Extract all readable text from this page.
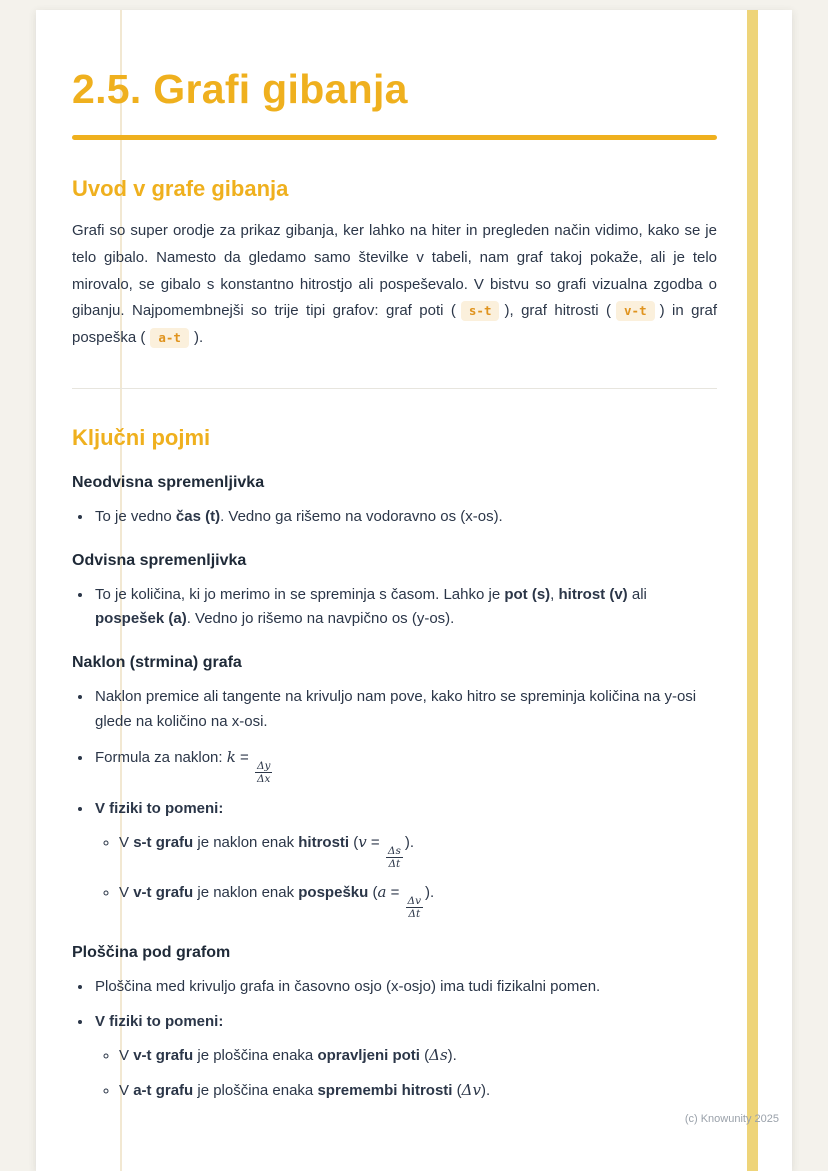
2.5. Grafi gibanja
Uvod v grafe gibanja

Grafi so super orodje za prikaz gibanja, ker lahko na hiter in pregleden način vidimo, kako se je telo gibalo. Namesto da gledamo samo številke v tabeli, nam graf takoj pokaže, ali je telo mirovalo, se gibalo s konstantno hitrostjo ali pospeševalo. V bistvu so grafi vizualna zgodba o gibanju. Najpomembnejši so trije tipi grafov: graf poti ( s-t ), graf hitrosti ( v-t ) in graf pospeška ( a-t ).

Ključni pojmi
Neodvisna spremenljivka
• To je vedno čas (t). Vedno ga rišemo na vodoravno os (x-os).
Odvisna spremenljivka
• To je količina, ki jo merimo in se spreminja s časom. Lahko je pot (s), hitrost (v) ali pospešek (a). Vedno jo rišemo na navpično os (y-os).
Naklon (strmina) grafa
• Naklon premice ali tangente na krivuljo nam pove, kako hitro se spreminja količina na y-osi glede na količino na x-osi.
• Formula za naklon: k =
$\frac{\Delta y}{\Delta x}$
• V fiziki to pomeni:
◦ V s-t grafu je naklon enak hitrosti (v =
$\frac{\Delta s}{\Delta t}$
).
◦ V v-t grafu je naklon enak pospešku (a =
$\frac{\Delta v}{\Delta t}$
).
Ploščina pod grafom
• Ploščina med krivuljo grafa in časovno osjo (x-osjo) ima tudi fizikalni pomen.
• V fiziki to pomeni:
◦ V v-t grafu je ploščina enaka opravljeni poti (Δs).
◦ V a-t grafu je ploščina enaka spremembi hitrosti (Δv).
(c) Knowunity 2025
